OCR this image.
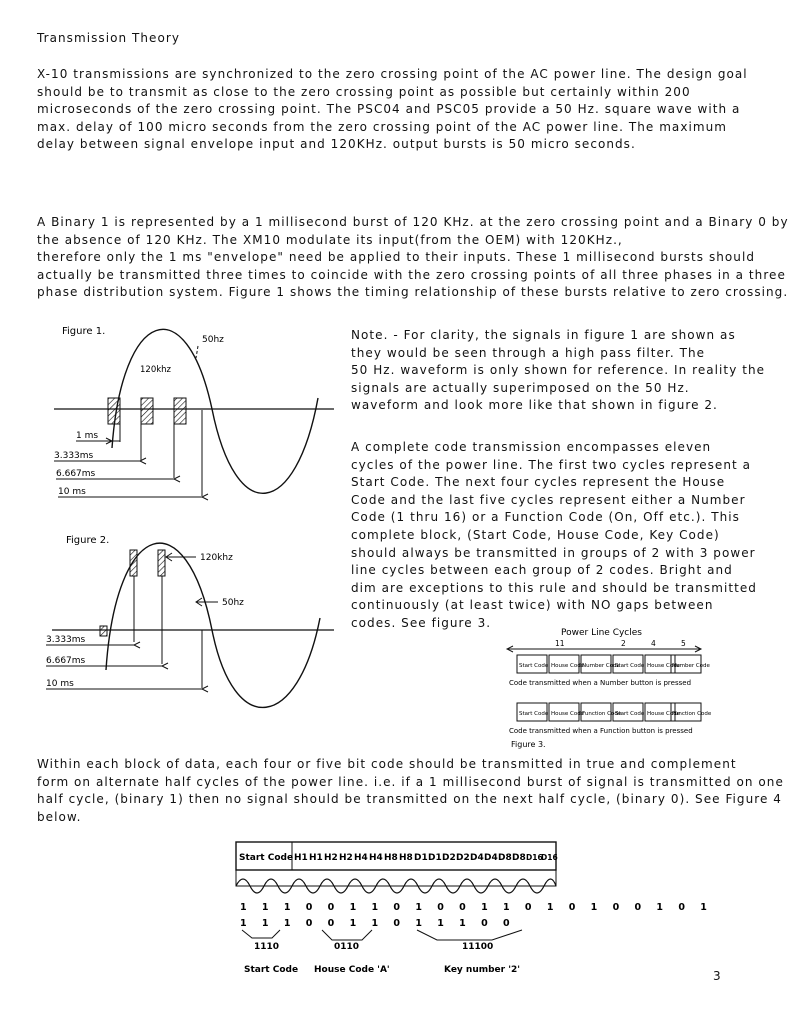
Transmission Theory
X-10 transmissions are synchronized to the zero crossing point of the AC power line. The design goal
should be to transmit as close to the zero crossing point as possible but certainly within 200
microseconds of the zero crossing point. The PSC04 and PSC05 provide a 50 Hz. square wave with a
max. delay of 100 micro seconds from the zero crossing point of the AC power line. The maximum
delay between signal envelope input and 120KHz. output bursts is 50 micro seconds.
A Binary 1 is represented by a 1 millisecond burst of 120 KHz. at the zero crossing point and a Binary 0 by
the absence of 120 KHz. The XM10 modulate its input(from the OEM) with 120KHz.,
therefore only the 1 ms "envelope" need be applied to their inputs. These 1 millisecond bursts should
actually be transmitted three times to coincide with the zero crossing points of all three phases in a three
phase distribution system. Figure 1 shows the timing relationship of these bursts relative to zero crossing.
Figure 1.
50hz
120khz
1 ms
3.333ms
6.667ms
10 ms
Note. - For clarity, the signals in figure 1 are shown as
they would be seen through a high pass filter. The
50 Hz. waveform is only shown for reference. In reality the
signals are actually superimposed on the 50 Hz.
waveform and look more like that shown in figure 2.
A complete code transmission encompasses eleven
cycles of the power line. The first two cycles represent a
Start Code. The next four cycles represent the House
Code and the last five cycles represent either a Number
Code (1 thru 16) or a Function Code (On, Off etc.). This
complete block, (Start Code, House Code, Key Code)
should always be transmitted in groups of 2 with 3 power
line cycles between each group of 2 codes. Bright and
dim are exceptions to this rule and should be transmitted
continuously (at least twice) with NO gaps between
codes. See figure 3.
Figure 2.
120khz
50hz
3.333ms
6.667ms
10 ms
Power Line Cycles
11	2	4	5
Start Code House Code
Number Code
Start Code House Code
Number Code
Code transmitted when a Number button is pressed
Start Code House Code
Function Code
Start Code House Code
Function Code
Code transmitted when a Function button is pressed
Figure 3.
Within each block of data, each four or five bit code should be transmitted in true and complement
form on alternate half cycles of the power line. i.e. if a 1 millisecond burst of signal is transmitted on one
half cycle, (binary 1) then no signal should be transmitted on the next half cycle, (binary 0). See Figure 4
below.
Start Code H1 H1 H2 H2 H4 H4 H8 H8 D1 D1 D2 D2 D4 D4 D8 D8 D16
D16
1 1 1 0 0 1 1 0 1 0 0 1 1 0 1 0 1 0 0 1 0 1
1 1 1 0 0 1 1 0 1 1 1 0 0
1110	0110	11100
Start Code House Code 'A'	Key number '2'	3
